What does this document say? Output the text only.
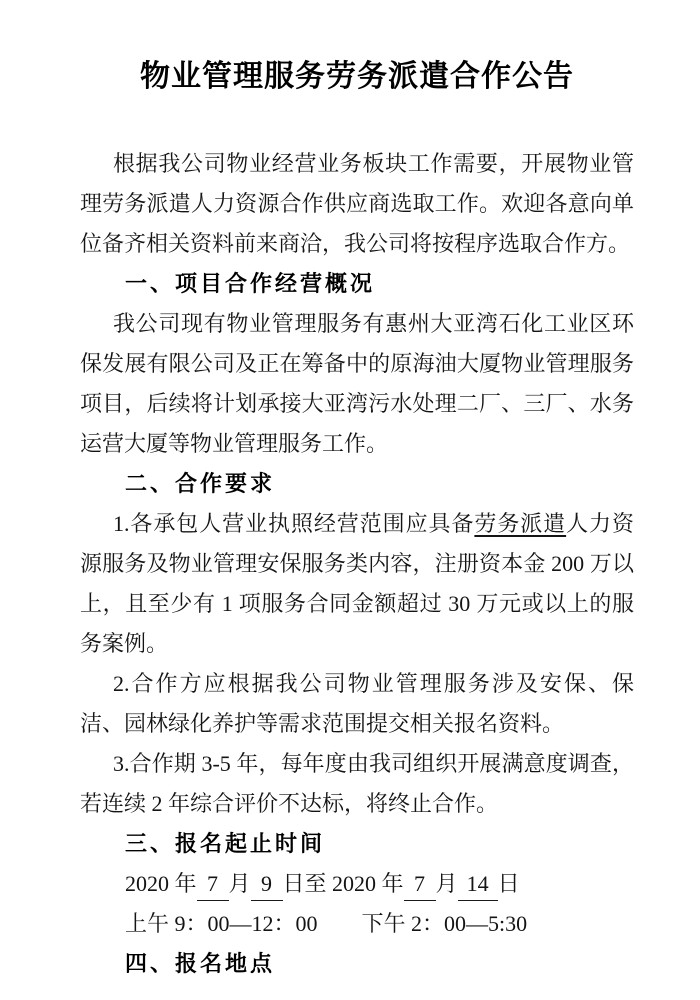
物业管理服务劳务派遣合作公告

根据我公司物业经营业务板块工作需要，开展物业管理劳务派遣人力资源合作供应商选取工作。欢迎各意向单位备齐相关资料前来商洽，我公司将按程序选取合作方。

一、项目合作经营概况

我公司现有物业管理服务有惠州大亚湾石化工业区环保发展有限公司及正在筹备中的原海油大厦物业管理服务项目，后续将计划承接大亚湾污水处理二厂、三厂、水务运营大厦等物业管理服务工作。

二、合作要求

1.各承包人营业执照经营范围应具备劳务派遣人力资源服务及物业管理安保服务类内容，注册资本金 200 万以上，且至少有 1 项服务合同金额超过 30 万元或以上的服务案例。

2.合作方应根据我公司物业管理服务涉及安保、保洁、园林绿化养护等需求范围提交相关报名资料。

3.合作期 3-5 年，每年度由我司组织开展满意度调查，若连续 2 年综合评价不达标，将终止合作。

三、报名起止时间

2020 年 7 月 9 日至 2020 年 7 月 14 日

上午 9：00—12：00 下午 2：00—5:30

四、报名地点
